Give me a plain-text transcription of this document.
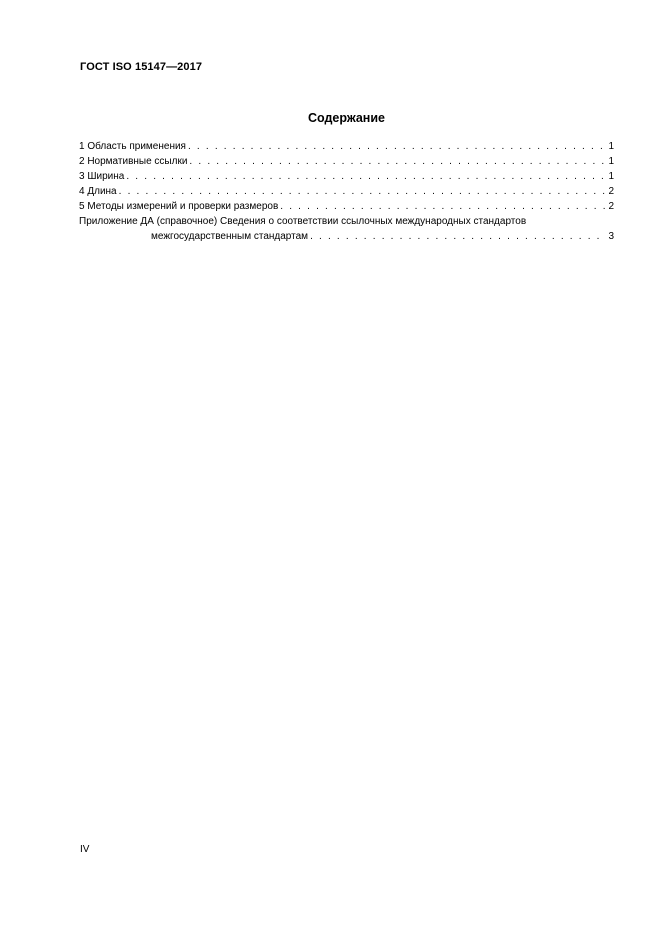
ГОСТ ISO 15147—2017
Содержание
1 Область применения . . .	1
2 Нормативные ссылки . . .	1
3 Ширина . . .	1
4 Длина . . .	2
5 Методы измерений и проверки размеров . . .	2
Приложение ДА (справочное) Сведения о соответствии ссылочных международных стандартов
межгосударственным стандартам . . .	3
IV
